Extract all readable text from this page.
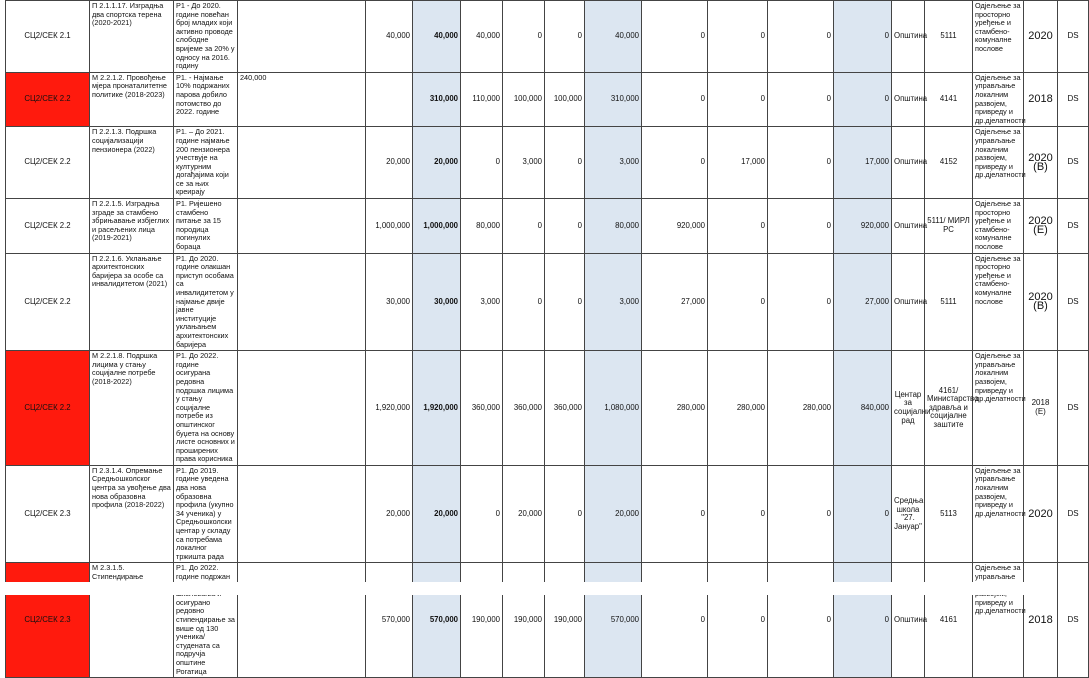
СЦ2/СЕК 2.1	П 2.1.1.17. Изградња два спортска терена (2020-2021)	Р1 - До 2020. године повећан број младих који активно проводе слободне вријеме за 20% у односу на 2016. годину		40,000	40,000	40,000	0	0	40,000	0	0	0	0	Општина	5111	Одјељење за просторно уређење и стамбено-комуналне послове	2020	DS
СЦ2/СЕК 2.2	М 2.2.1.2. Провођење мјера пронаталитетне политике (2018-2023)	Р1. - Најмање 10% подржаних парова добило потомство до 2022. године	240,000		310,000	110,000	100,000	100,000	310,000	0	0	0	0	Општина	4141	Одјељење за управљање локалним развојем, привреду и др.дјелатности	2018	DS
СЦ2/СЕК 2.2	П 2.2.1.3. Подршка социјализацији пензионера (2022)	Р1. – До 2021. године најмање 200 пензионера учествује на културним догађајима који се за њих креирају		20,000	20,000	0	3,000	0	3,000	0	17,000	0	17,000	Општина	4152	Одјељење за управљање локалним развојем, привреду и др.дјелатности	2020 (B)	DS
СЦ2/СЕК 2.2	П 2.2.1.5. Изградња зграде за стамбено збрињавање избјеглих и расељених лица (2019-2021)	Р1. Ријешено стамбено питање за 15 породица погинулих бораца		1,000,000	1,000,000	80,000	0	0	80,000	920,000	0	0	920,000	Општина	5111/ МИРЛ РС	Одјељење за просторно уређење и стамбено-комуналне послове	2020 (E)	DS
СЦ2/СЕК 2.2	П 2.2.1.6. Уклањање архитектонских баријера за особе са инвалидитетом (2021)	Р1. До 2020. године олакшан приступ особама са инвалидитетом у најмање двије јавне институције уклањањем архитектонских баријера		30,000	30,000	3,000	0	0	3,000	27,000	0	0	27,000	Општина	5111	Одјељење за просторно уређење и стамбено-комуналне послове	2020 (B)	DS
СЦ2/СЕК 2.2	М 2.2.1.8. Подршка лицима у стању социјалне потребе (2018-2022)	Р1. До 2022. године осигурана редовна подршка лицима у стању социјалне потребе из општинског буџета на основу листе основних и проширених права корисника		1,920,000	1,920,000	360,000	360,000	360,000	1,080,000	280,000	280,000	280,000	840,000	Центар за социјални рад	4161/ Министарство здравља и социјалне заштите	Одјељење за управљање локалним развојем, привреду и др.дјелатности	2018 (E)	DS
СЦ2/СЕК 2.3	П 2.3.1.4. Опремање Средњошколског центра за увођење два нова образовна профила (2018-2022)	Р1. До 2019. године уведена два нова образовна профила (укупно 34 ученика) у Средњошколски центар у складу са потребама локалног тржишта рада		20,000	20,000	0	20,000	0	20,000	0	0	0	0	Средња школа "27. Јануар"	5113	Одјељење за управљање локалним развојем, привреду и др.дјелатности	2020	DS
СЦ2/СЕК 2.3	М 2.3.1.5. Стипендирање	Р1. До 2022. године подржан осигурано редовно стипендирање за више од 130 ученика/студената са подручја општине Рогатица		570,000	570,000	190,000	190,000	190,000	570,000	0	0	0	0	Општина	4161	Одјељење за управљање привреду и др.дјелатности	2018	DS
